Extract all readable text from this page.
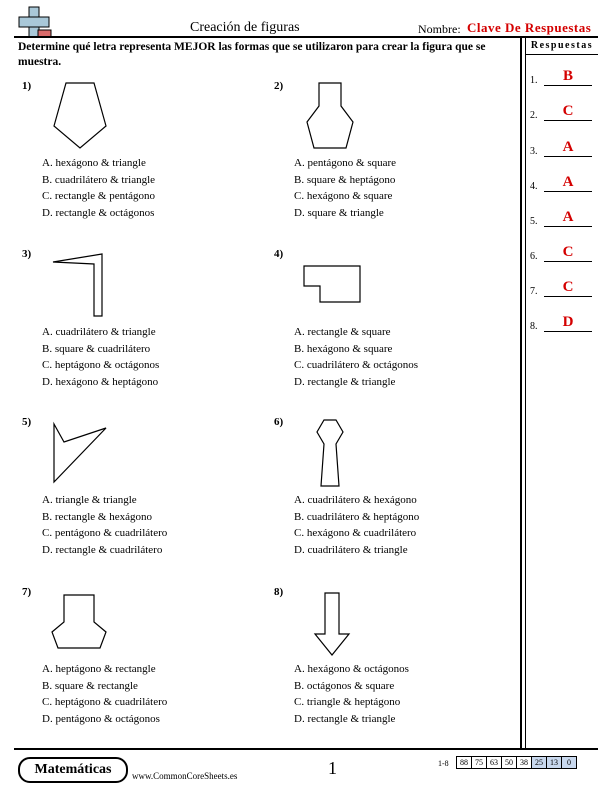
Creación de figuras	Nombre: Clave De Respuestas
Determine qué letra representa MEJOR las formas que se utilizaron para crear la figura que se muestra.
Respuestas
1.	B
2.	C
3.	A
4.	A
5.	A
6.	C
7.	C
8.	D
1)
A. hexágono & triangle
B. cuadrilátero & triangle
C. rectangle & pentágono
D. rectangle & octágonos
2)
A. pentágono & square
B. square & heptágono
C. hexágono & square
D. square & triangle
3)
A. cuadrilátero & triangle
B. square & cuadrilátero
C. heptágono & octágonos
D. hexágono & heptágono
4)
A. rectangle & square
B. hexágono & square
C. cuadrilátero & octágonos
D. rectangle & triangle
5)
A. triangle & triangle
B. rectangle & hexágono
C. pentágono & cuadrilátero
D. rectangle & cuadrilátero
6)
A. cuadrilátero & hexágono
B. cuadrilátero & heptágono
C. hexágono & cuadrilátero
D. cuadrilátero & triangle
7)
A. heptágono & rectangle
B. square & rectangle
C. heptágono & cuadrilátero
D. pentágono & octágonos
8)
A. hexágono & octágonos
B. octágonos & square
C. triangle & heptágono
D. rectangle & triangle
Matemáticas	www.CommonCoreSheets.es	1	1-8 88	75	63	50	38	25	13	0
